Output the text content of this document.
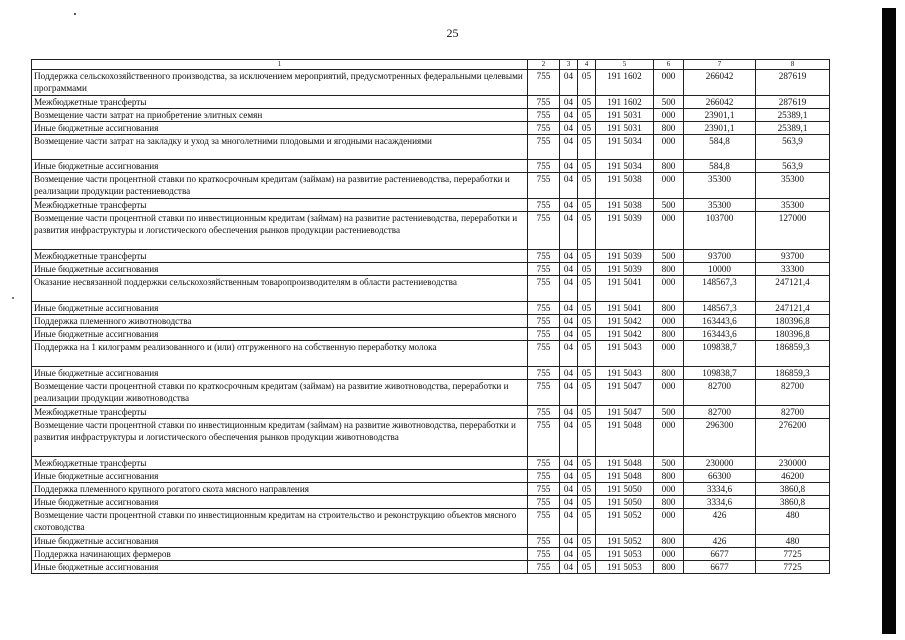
25
1	2	3	4	5	6	7	8
Поддержка сельскохозяйственного производства, за исключением мероприятий, предусмотренных федеральными целевыми программами	755	04	05	191 1602	000	266042	287619
Межбюджетные трансферты	755	04	05	191 1602	500	266042	287619
Возмещение части затрат на приобретение элитных семян	755	04	05	191 5031	000	23901,1	25389,1
Иные бюджетные ассигнования	755	04	05	191 5031	800	23901,1	25389,1
Возмещение части затрат на закладку и уход за многолетними плодовыми и ягодными насаждениями	755	04	05	191 5034	000	584,8	563,9
Иные бюджетные ассигнования	755	04	05	191 5034	800	584,8	563,9
Возмещение части процентной ставки по краткосрочным кредитам (займам) на развитие растениеводства, переработки и реализации продукции растениеводства	755	04	05	191 5038	000	35300	35300
Межбюджетные трансферты	755	04	05	191 5038	500	35300	35300
Возмещение части процентной ставки по инвестиционным кредитам (займам) на развитие растениеводства, переработки и развития инфраструктуры и логистического обеспечения рынков продукции растениеводства	755	04	05	191 5039	000	103700	127000
Межбюджетные трансферты	755	04	05	191 5039	500	93700	93700
Иные бюджетные ассигнования	755	04	05	191 5039	800	10000	33300
Оказание несвязанной поддержки сельскохозяйственным товаропроизводителям в области растениеводства	755	04	05	191 5041	000	148567,3	247121,4
Иные бюджетные ассигнования	755	04	05	191 5041	800	148567,3	247121,4
Поддержка племенного животноводства	755	04	05	191 5042	000	163443,6	180396,8
Иные бюджетные ассигнования	755	04	05	191 5042	800	163443,6	180396,8
Поддержка на 1 килограмм реализованного и (или) отгруженного на собственную переработку молока	755	04	05	191 5043	000	109838,7	186859,3
Иные бюджетные ассигнования	755	04	05	191 5043	800	109838,7	186859,3
Возмещение части процентной ставки по краткосрочным кредитам (займам) на развитие животноводства, переработки и реализации продукции животноводства	755	04	05	191 5047	000	82700	82700
Межбюджетные трансферты	755	04	05	191 5047	500	82700	82700
Возмещение части процентной ставки по инвестиционным кредитам (займам) на развитие животноводства, переработки и развития инфраструктуры и логистического обеспечения рынков продукции животноводства	755	04	05	191 5048	000	296300	276200
Межбюджетные трансферты	755	04	05	191 5048	500	230000	230000
Иные бюджетные ассигнования	755	04	05	191 5048	800	66300	46200
Поддержка племенного крупного рогатого скота мясного направления	755	04	05	191 5050	000	3334,6	3860,8
Иные бюджетные ассигнования	755	04	05	191 5050	800	3334,6	3860,8
Возмещение части процентной ставки по инвестиционным кредитам на строительство и реконструкцию объектов мясного скотоводства	755	04	05	191 5052	000	426	480
Иные бюджетные ассигнования	755	04	05	191 5052	800	426	480
Поддержка начинающих фермеров	755	04	05	191 5053	000	6677	7725
Иные бюджетные ассигнования	755	04	05	191 5053	800	6677	7725
